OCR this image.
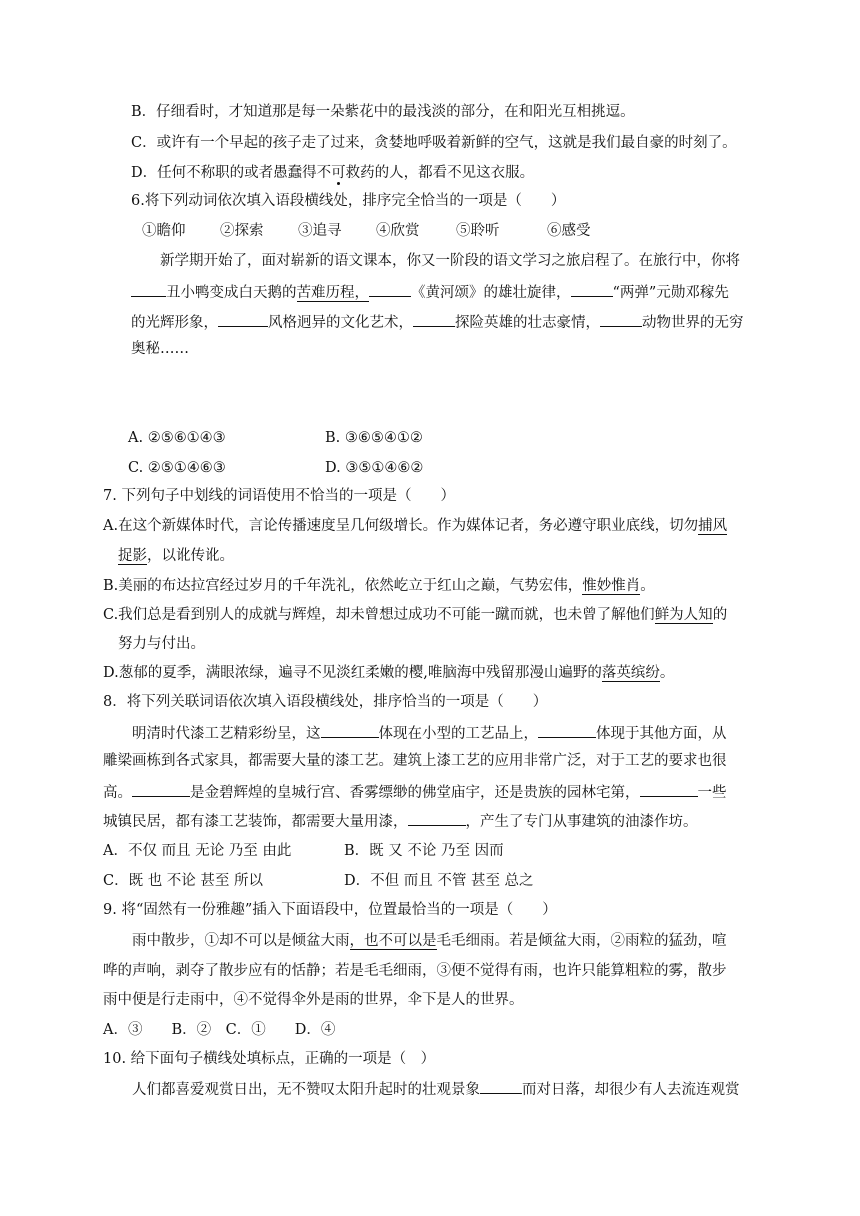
B．仔细看时，才知道那是每一朵紫花中的最浅淡的部分，在和阳光互相挑逗。
C．或许有一个早起的孩子走了过来，贪婪地呼吸着新鲜的空气，这就是我们最自豪的时刻了。
D．任何不称职的或者愚蠢得不可救药的人，都看不见这衣服。
6.将下列动词依次填入语段横线处，排序完全恰当的一项是（　　）
①瞻仰 ②探索 ③追寻 ④欣赏	⑤聆听	⑥感受
新学期开始了，面对崭新的语文课本，你又一阶段的语文学习之旅启程了。在旅行中，你将
丑小鸭变成白天鹅的苦难历程，	《黄河颂》的雄壮旋律，	“两弹”元勋邓稼先
的光辉形象，	风格迥异的文化艺术，	探险英雄的壮志豪情，	动物世界的无穷
奥秘……
A. ②⑤⑥①④③	B. ③⑥⑤④①②
C. ②⑤①④⑥③	D. ③⑤①④⑥②
7. 下列句子中划线的词语使用不恰当的一项是（　　）
A.在这个新媒体时代，言论传播速度呈几何级增长。作为媒体记者，务必遵守职业底线，切勿捕风
捉影，以讹传讹。
B.美丽的布达拉宫经过岁月的千年洗礼，依然屹立于红山之巅，气势宏伟，惟妙惟肖。
C.我们总是看到别人的成就与辉煌，却未曾想过成功不可能一蹴而就，也未曾了解他们鲜为人知的
努力与付出。
D.葱郁的夏季，满眼浓绿，遍寻不见淡红柔嫩的樱,唯脑海中残留那漫山遍野的落英缤纷。
8．将下列关联词语依次填入语段横线处，排序恰当的一项是（　　）
明清时代漆工艺精彩纷呈，这	体现在小型的工艺品上，	体现于其他方面，从
雕梁画栋到各式家具，都需要大量的漆工艺。建筑上漆工艺的应用非常广泛，对于工艺的要求也很
高。	是金碧辉煌的皇城行宫、香雾缥缈的佛堂庙宇，还是贵族的园林宅第，	一些
城镇民居，都有漆工艺装饰，都需要大量用漆，	，产生了专门从事建筑的油漆作坊。
A．不仅 而且 无论 乃至 由此	B．既 又 不论 乃至 因而
C．既 也 不论 甚至 所以	D．不但 而且 不管 甚至 总之
9. 将“固然有一份雅趣”插入下面语段中，位置最恰当的一项是（　　）
雨中散步，①却不可以是倾盆大雨，也不可以是毛毛细雨。若是倾盆大雨，②雨粒的猛劲，喧
哗的声响，剥夺了散步应有的恬静；若是毛毛细雨，③便不觉得有雨，也许只能算粗粒的雾，散步
雨中便是行走雨中，④不觉得伞外是雨的世界，伞下是人的世界。
A．③　　B．②　C．①　　D．④
10. 给下面句子横线处填标点，正确的一项是（　）
人们都喜爱观赏日出，无不赞叹太阳升起时的壮观景象	而对日落，却很少有人去流连观赏
